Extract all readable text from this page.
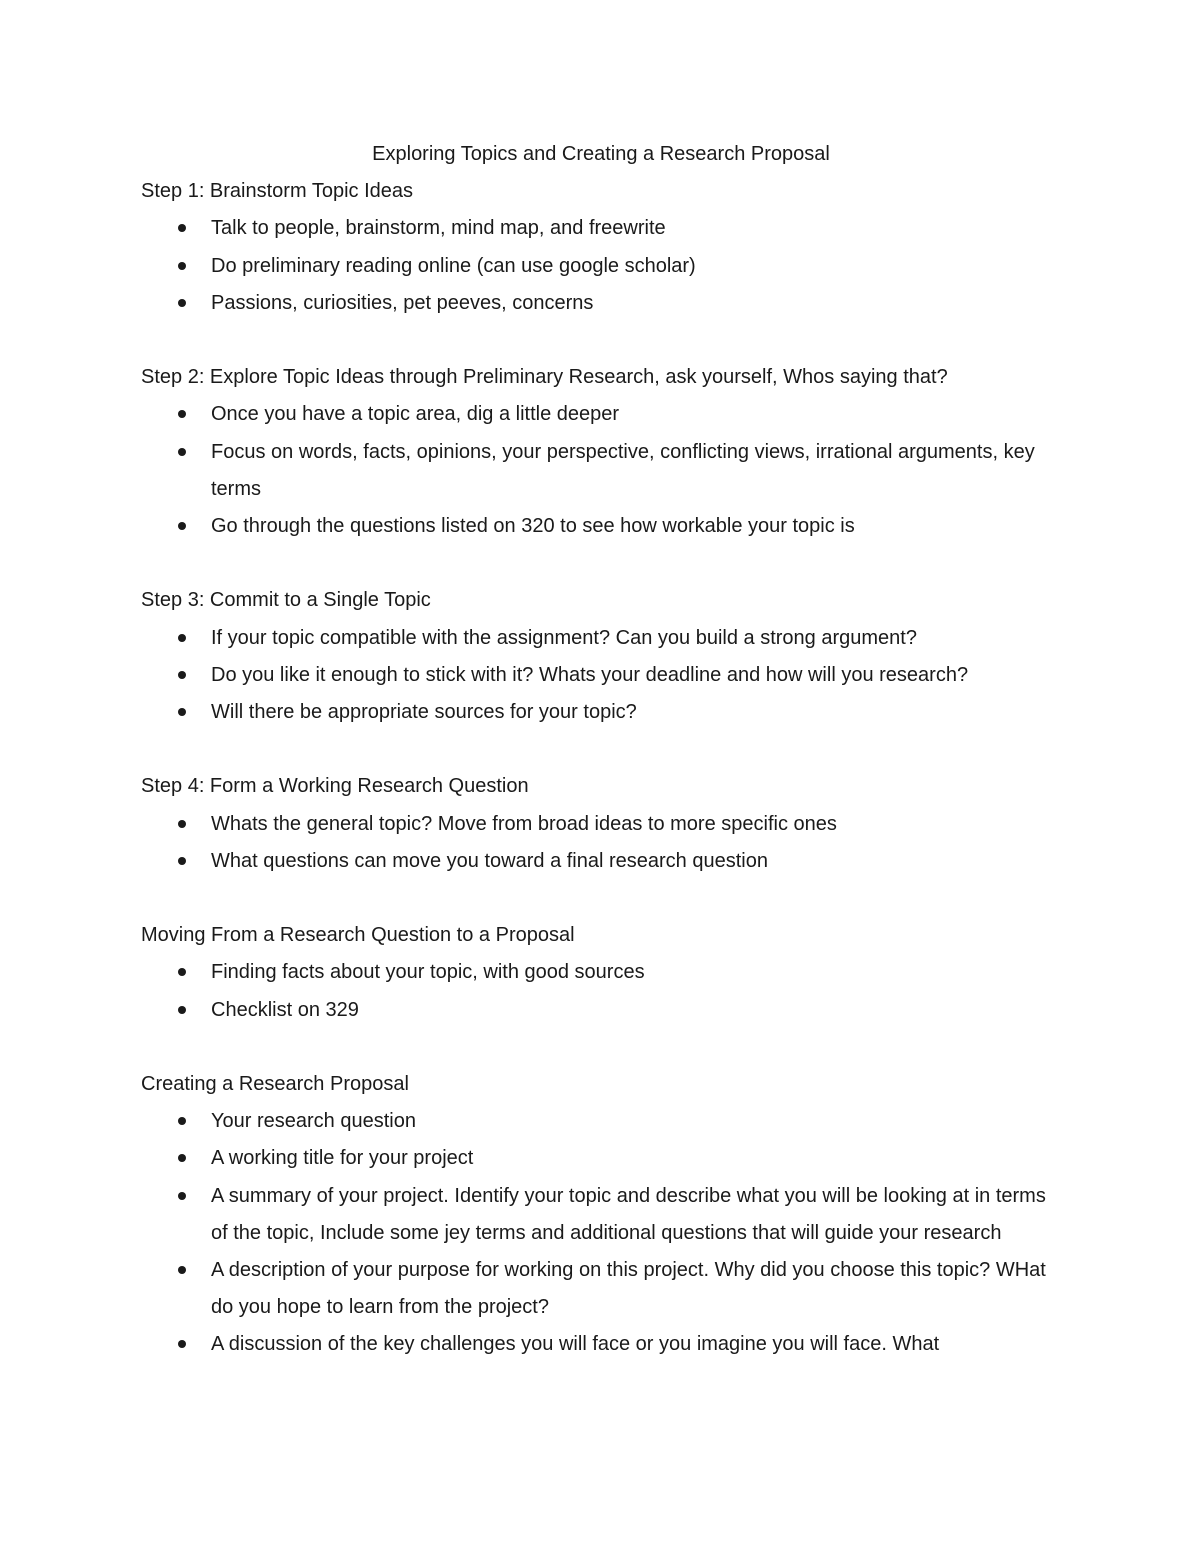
Exploring Topics and Creating a Research Proposal
Step 1: Brainstorm Topic Ideas
Talk to people, brainstorm, mind map, and freewrite
Do preliminary reading online (can use google scholar)
Passions, curiosities, pet peeves, concerns
Step 2: Explore Topic Ideas through Preliminary Research, ask yourself, Whos saying that?
Once you have a topic area, dig a little deeper
Focus on words, facts, opinions, your perspective, conflicting views, irrational arguments, key terms
Go through the questions listed on 320 to see how workable your topic is
Step 3: Commit to a Single Topic
If your topic compatible with the assignment? Can you build a strong argument?
Do you like it enough to stick with it? Whats your deadline and how will you research?
Will there be appropriate sources for your topic?
Step 4: Form a Working Research Question
Whats the general topic? Move from broad ideas to more specific ones
What questions can move you toward a final research question
Moving From a Research Question to a Proposal
Finding facts about your topic, with good sources
Checklist on 329
Creating a Research Proposal
Your research question
A working title for your project
A summary of your project. Identify your topic and describe what you will be looking at in terms of the topic, Include some jey terms and additional questions that will guide your research
A description of your purpose for working on this project. Why did you choose this topic? WHat do you hope to learn from the project?
A discussion of the key challenges you will face or you imagine you will face. What
